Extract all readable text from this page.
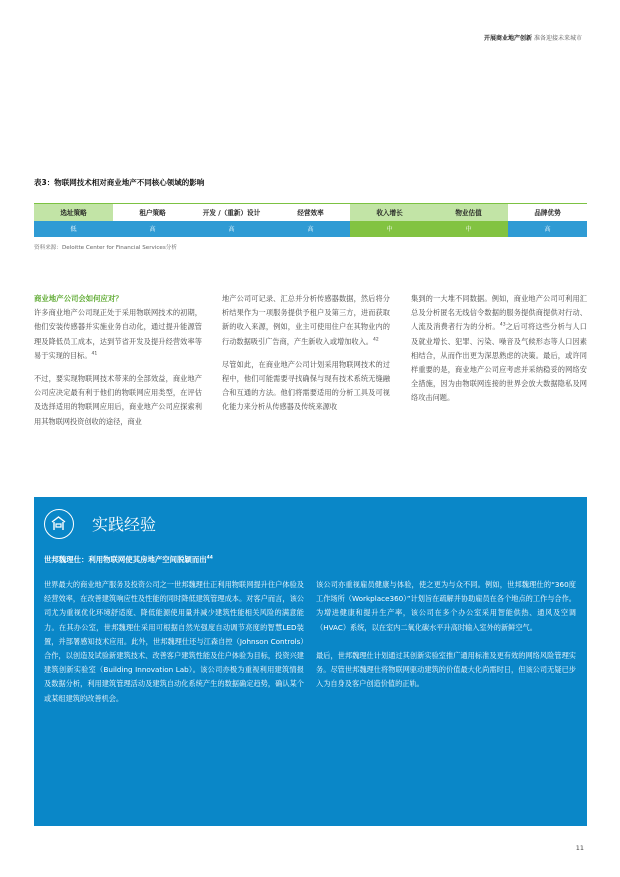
开展商业地产创新 准备迎接未来城市
表3：物联网技术相对商业地产不同核心领域的影响
选址策略	租户策略	开发 /（重新）设计	经营效率	收入增长	物业估值	品牌优势
低	高	高	高	中	中	高
资料来源：Deloitte Center for Financial Services分析
商业地产公司会如何应对？

许多商业地产公司现正处于采用物联网技术的初期，他们安装传感器并实施业务自动化，通过提升能源管理及降低员工成本，达到节省开发及提升经营效率等易于实现的目标。$^{41}$

不过，要实现物联网技术带来的全部效益，商业地产公司应决定最有利于他们的物联网应用类型，在评估及选择适用的物联网应用后，商业地产公司应探索利用其物联网投资创收的途径，商业

地产公司可记录、汇总并分析传感器数据，然后将分析结果作为一项服务提供予租户及第三方，进而获取新的收入来源，例如，业主可使用住户在其物业内的行动数据吸引广告商，产生新收入或增加收入。$^{42}$

尽管如此，在商业地产公司计划采用物联网技术的过程中，他们可能需要寻找确保与现有技术系统无缝融合和互通的方法。他们将需要适用的分析工具及可视化能力来分析从传感器及传统来源收

集到的一大堆不同数据。例如，商业地产公司可利用汇总及分析匿名无线信令数据的服务提供商提供对行动、人流及消费者行为的分析。$^{43}$之后可将这些分析与人口及就业增长、犯罪、污染、噪音及气候形态等人口因素相结合，从而作出更为深思熟虑的决策。最后，或许同样重要的是，商业地产公司应考虑并采纳稳妥的网络安全措施，因为由物联网连接的世界会放大数据隐私及网络攻击问题。

实践经验
世邦魏理仕：利用物联网使其房地产空间脱颖而出$^{44}$

世界最大的商业地产服务及投资公司之一世邦魏理仕正利用物联网提升住户体验及经营效率，在改善建筑响应性及性能的同时降低建筑管理成本。对客户而言，该公司尤为重视优化环境舒适度、降低能源使用量并减少建筑性能相关风险的满意能力。在其办公室，世邦魏理仕采用可根据自然光强度自动调节亮度的智慧LED装置，并部署感知技术应用。此外，世邦魏理仕还与江森自控（Johnson Controls）合作，以创造及试验新建筑技术、改善客户建筑性能及住户体验为目标，投资兴建建筑创新实验室（Building Innovation Lab）。该公司亦极为重视利用建筑情报及数据分析，利用建筑管理活动及建筑自动化系统产生的数据确定趋势，确认某个或某组建筑的改善机会。

该公司亦重视雇员健康与体验，使之更为与众不同。例如，世邦魏理仕的“360度工作场所（Workplace360）”计划旨在疏解并协助雇员在各个地点的工作与合作。为增进健康和提升生产率，该公司在多个办公室采用智能供热、通风及空调（HVAC）系统，以在室内二氧化碳水平升高时输入室外的新鲜空气。

最后，世邦魏理仕计划通过其创新实验室推广通用标准及更有效的网络风险管理实务。尽管世邦魏理仕将物联网驱动建筑的价值最大化尚需时日，但该公司无疑已步入为自身及客户创造价值的正轨。

11
